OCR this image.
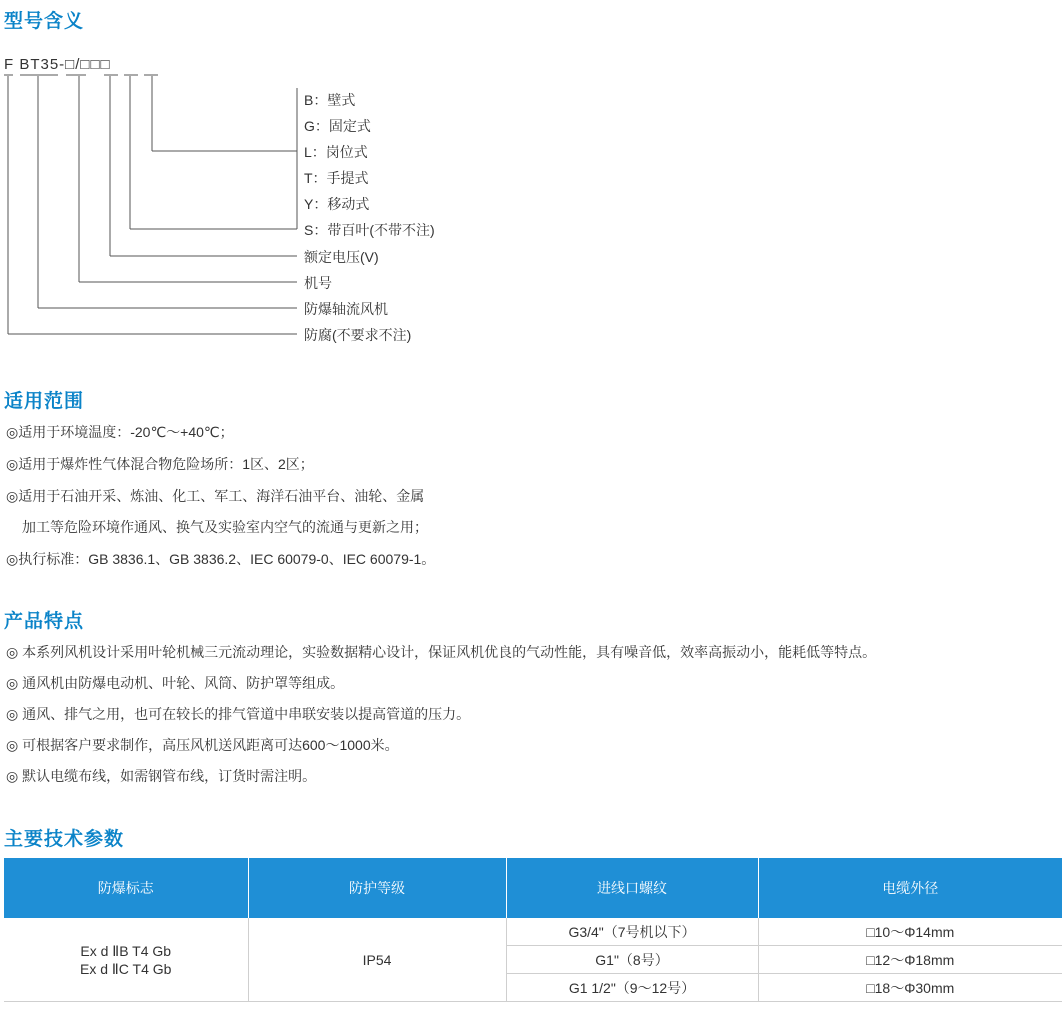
型号含义
F BT35-□/□□□
B：壁式
G：固定式
L：岗位式
T：手提式
Y：移动式
S：带百叶(不带不注)
额定电压(V)
机号
防爆轴流风机
防腐(不要求不注)
适用范围
◎适用于环境温度：-20℃～+40℃；
◎适用于爆炸性气体混合物危险场所：1区、2区；
◎适用于石油开采、炼油、化工、军工、海洋石油平台、油轮、金属
加工等危险环境作通风、换气及实验室内空气的流通与更新之用；
◎执行标准：GB 3836.1、GB 3836.2、IEC 60079-0、IEC 60079-1。
产品特点
◎ 本系列风机设计采用叶轮机械三元流动理论，实验数据精心设计，保证风机优良的气动性能，具有噪音低，效率高振动小，能耗低等特点。
◎ 通风机由防爆电动机、叶轮、风筒、防护罩等组成。
◎ 通风、排气之用，也可在较长的排气管道中串联安装以提高管道的压力。
◎ 可根据客户要求制作，高压风机送风距离可达600～1000米。
◎ 默认电缆布线，如需钢管布线，订货时需注明。
主要技术参数
防爆标志	防护等级	进线口螺纹	电缆外径

Ex d ⅡB T4 Gb
Ex d ⅡC T4 Gb	IP54	G3/4"（7号机以下）	□10～Φ14mm
		G1"（8号）	□12～Φ18mm
		G1 1/2"（9～12号）	□18～Φ30mm
